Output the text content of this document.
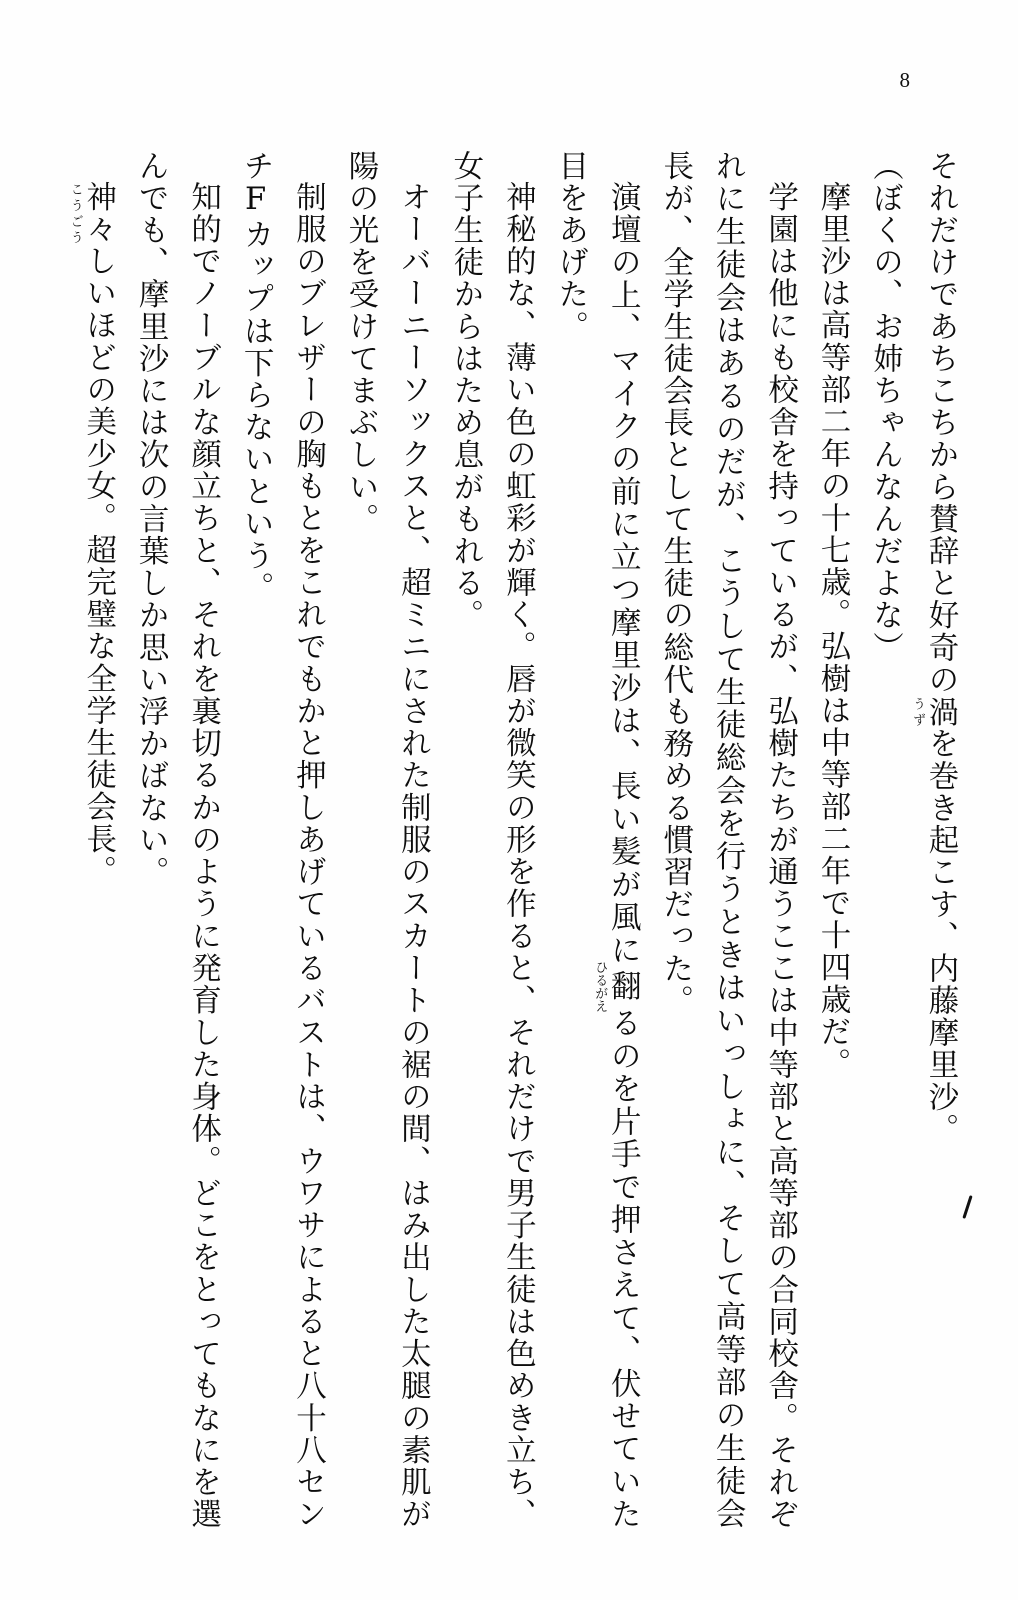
8

それだけであちこちから賛辞と好奇の渦うずを巻き起こす、内藤摩里沙。

（ぼくの、お姉ちゃんなんだよな）

摩里沙は高等部二年の十七歳。弘樹は中等部二年で十四歳だ。

学園は他にも校舎を持っているが、弘樹たちが通うここは中等部と高等部の合同校舎。それぞれに生徒会はあるのだが、こうして生徒総会を行うときはいっしょに、そして高等部の生徒会長が、全学生徒会長として生徒の総代も務める慣習だった。

演壇の上、マイクの前に立つ摩里沙は、長い髪が風に翻ひるがえるのを片手で押さえて、伏せていた目をあげた。

神秘的な、薄い色の虹彩が輝く。唇が微笑の形を作ると、それだけで男子生徒は色めき立ち、女子生徒からはため息がもれる。

オーバーニーソックスと、超ミニにされた制服のスカートの裾の間、はみ出した太腿の素肌が陽の光を受けてまぶしい。

制服のブレザーの胸もとをこれでもかと押しあげているバストは、ウワサによると八十八センチFカップは下らないという。

知的でノーブルな顔立ちと、それを裏切るかのように発育した身体。どこをとってもなにを選んでも、摩里沙には次の言葉しか思い浮かばない。

神々こうごうしいほどの美少女。超完璧な全学生徒会長。
